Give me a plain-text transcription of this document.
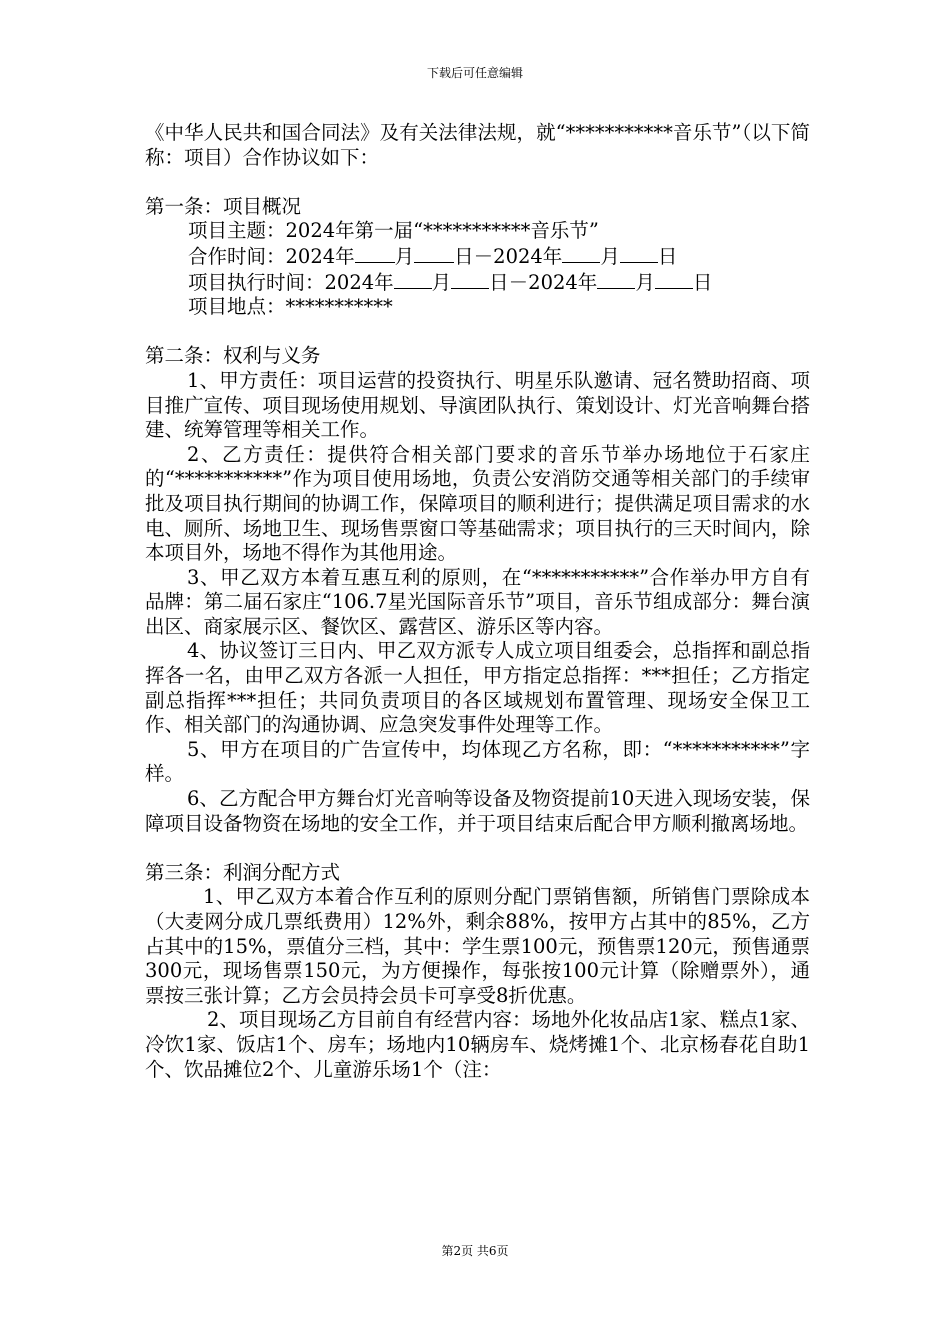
下载后可任意编辑

《中华人民共和国合同法》及有关法律法规，就“***********音乐节”（以下简称：项目）合作协议如下：

第一条：项目概况

项目主题：2024年第一届“***********音乐节”

合作时间：2024年 月 日－2024年 月 日

项目执行时间：2024年 月 日－2024年 月 日

项目地点：***********

第二条：权利与义务

1、甲方责任：项目运营的投资执行、明星乐队邀请、冠名赞助招商、项目推广宣传、项目现场使用规划、导演团队执行、策划设计、灯光音响舞台搭建、统筹管理等相关工作。

2、乙方责任：提供符合相关部门要求的音乐节举办场地位于石家庄的“***********”作为项目使用场地，负责公安消防交通等相关部门的手续审批及项目执行期间的协调工作，保障项目的顺利进行；提供满足项目需求的水电、厕所、场地卫生、现场售票窗口等基础需求；项目执行的三天时间内，除本项目外，场地不得作为其他用途。

3、甲乙双方本着互惠互利的原则，在“***********”合作举办甲方自有品牌：第二届石家庄“106.7星光国际音乐节”项目，音乐节组成部分：舞台演出区、商家展示区、餐饮区、露营区、游乐区等内容。

4、协议签订三日内、甲乙双方派专人成立项目组委会，总指挥和副总指挥各一名，由甲乙双方各派一人担任，甲方指定总指挥：***担任；乙方指定副总指挥***担任；共同负责项目的各区域规划布置管理、现场安全保卫工作、相关部门的沟通协调、应急突发事件处理等工作。

5、甲方在项目的广告宣传中，均体现乙方名称，即：“***********”字样。

6、乙方配合甲方舞台灯光音响等设备及物资提前10天进入现场安装，保障项目设备物资在场地的安全工作，并于项目结束后配合甲方顺利撤离场地。

第三条：利润分配方式

1、甲乙双方本着合作互利的原则分配门票销售额，所销售门票除成本（大麦网分成几票纸费用）12%外，剩余88%，按甲方占其中的85%，乙方占其中的15%，票值分三档，其中：学生票100元，预售票120元，预售通票300元，现场售票150元，为方便操作，每张按100元计算（除赠票外），通票按三张计算；乙方会员持会员卡可享受8折优惠。

2、项目现场乙方目前自有经营内容：场地外化妆品店1家、糕点1家、冷饮1家、饭店1个、房车；场地内10辆房车、烧烤摊1个、北京杨春花自助1个、饮品摊位2个、儿童游乐场1个（注：

第2页 共6页
